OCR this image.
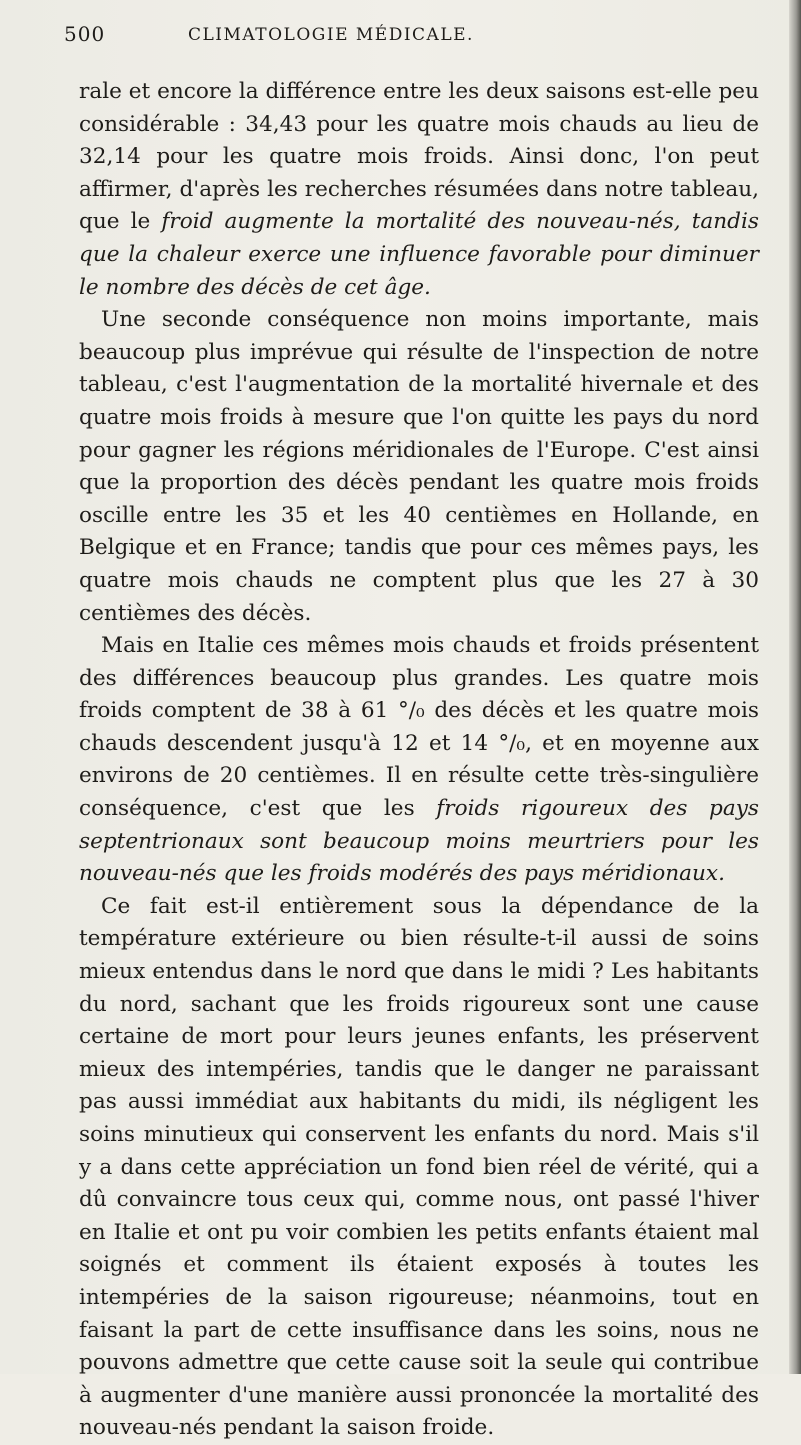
500	CLIMATOLOGIE MÉDICALE.

rale et encore la différence entre les deux saisons est-elle peu considérable : 34,43 pour les quatre mois chauds au lieu de 32,14 pour les quatre mois froids. Ainsi donc, l'on peut affirmer, d'après les recherches résumées dans notre tableau, que le froid augmente la mortalité des nouveau-nés, tandis que la chaleur exerce une influence favorable pour diminuer le nombre des décès de cet âge.

Une seconde conséquence non moins importante, mais beaucoup plus imprévue qui résulte de l'inspection de notre tableau, c'est l'augmentation de la mortalité hivernale et des quatre mois froids à mesure que l'on quitte les pays du nord pour gagner les régions méridionales de l'Europe. C'est ainsi que la proportion des décès pendant les quatre mois froids oscille entre les 35 et les 40 centièmes en Hollande, en Belgique et en France; tandis que pour ces mêmes pays, les quatre mois chauds ne comptent plus que les 27 à 30 centièmes des décès.

Mais en Italie ces mêmes mois chauds et froids présentent des différences beaucoup plus grandes. Les quatre mois froids comptent de 38 à 61 °/₀ des décès et les quatre mois chauds descendent jusqu'à 12 et 14 °/₀, et en moyenne aux environs de 20 centièmes. Il en résulte cette très-singulière conséquence, c'est que les froids rigoureux des pays septentrionaux sont beaucoup moins meurtriers pour les nouveau-nés que les froids modérés des pays méridionaux.

Ce fait est-il entièrement sous la dépendance de la température extérieure ou bien résulte-t-il aussi de soins mieux entendus dans le nord que dans le midi ? Les habitants du nord, sachant que les froids rigoureux sont une cause certaine de mort pour leurs jeunes enfants, les préservent mieux des intempéries, tandis que le danger ne paraissant pas aussi immédiat aux habitants du midi, ils négligent les soins minutieux qui conservent les enfants du nord. Mais s'il y a dans cette appréciation un fond bien réel de vérité, qui a dû convaincre tous ceux qui, comme nous, ont passé l'hiver en Italie et ont pu voir combien les petits enfants étaient mal soignés et comment ils étaient exposés à toutes les intempéries de la saison rigoureuse; néanmoins, tout en faisant la part de cette insuffisance dans les soins, nous ne pouvons admettre que cette cause soit la seule qui contribue à augmenter d'une manière aussi prononcée la mortalité des nouveau-nés pendant la saison froide.
